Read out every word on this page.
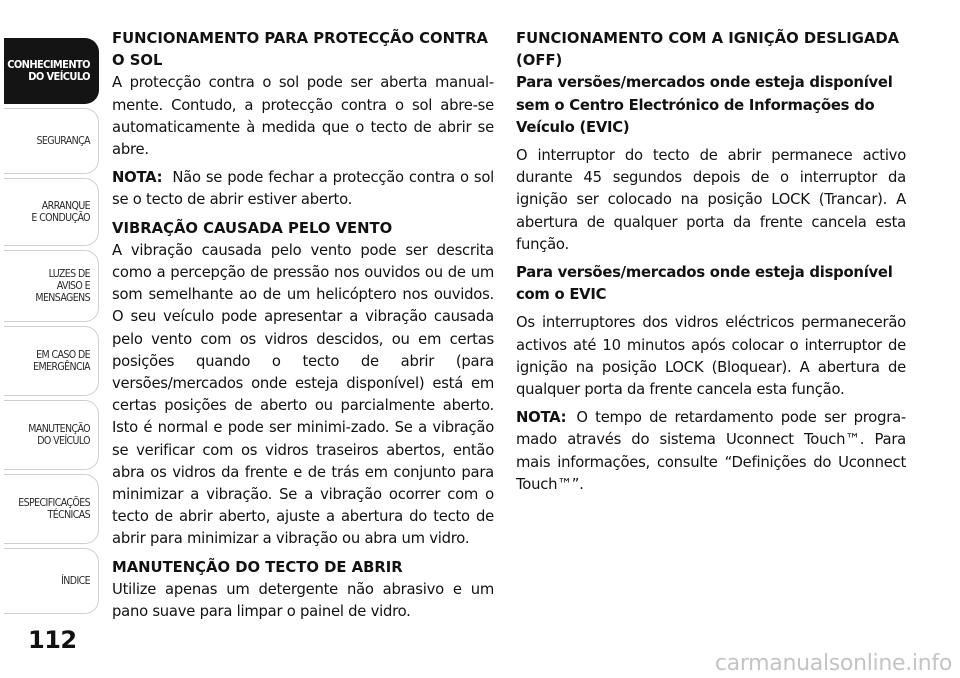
CONHECIMENTO
DO VEÍCULO
SEGURANÇA
ARRANQUE
E CONDUÇÃO
LUZES DE
AVISO E
MENSAGENS
EM CASO DE
EMERGÊNCIA
MANUTENÇÃO
DO VEÍCULO
ESPECIFICAÇÕES
TÉCNICAS
ÍNDICE
112
FUNCIONAMENTO PARA PROTECÇÃO CONTRA O SOL

A protecção contra o sol pode ser aberta manual-mente. Contudo, a protecção contra o sol abre-se automaticamente à medida que o tecto de abrir se abre.

NOTA: Não se pode fechar a protecção contra o sol se o tecto de abrir estiver aberto.

VIBRAÇÃO CAUSADA PELO VENTO

A vibração causada pelo vento pode ser descrita como a percepção de pressão nos ouvidos ou de um som semelhante ao de um helicóptero nos ouvidos. O seu veículo pode apresentar a vibração causada pelo vento com os vidros descidos, ou em certas posições quando o tecto de abrir (para versões/mercados onde esteja disponível) está em certas posições de aberto ou parcialmente aberto. Isto é normal e pode ser minimi-zado. Se a vibração se verificar com os vidros traseiros abertos, então abra os vidros da frente e de trás em conjunto para minimizar a vibração. Se a vibração ocorrer com o tecto de abrir aberto, ajuste a abertura do tecto de abrir para minimizar a vibração ou abra um vidro.

MANUTENÇÃO DO TECTO DE ABRIR

Utilize apenas um detergente não abrasivo e um pano suave para limpar o painel de vidro.

FUNCIONAMENTO COM A IGNIÇÃO DESLIGADA (OFF)
Para versões/mercados onde esteja disponível sem o Centro Electrónico de Informações do Veículo (EVIC)

O interruptor do tecto de abrir permanece activo durante 45 segundos depois de o interruptor da ignição ser colocado na posição LOCK (Trancar). A abertura de qualquer porta da frente cancela esta função.

Para versões/mercados onde esteja disponível com o EVIC

Os interruptores dos vidros eléctricos permanecerão activos até 10 minutos após colocar o interruptor de ignição na posição LOCK (Bloquear). A abertura de qualquer porta da frente cancela esta função.

NOTA: O tempo de retardamento pode ser progra-mado através do sistema Uconnect Touch™. Para mais informações, consulte “Definições do Uconnect Touch™”.

carmanualsonline.info
